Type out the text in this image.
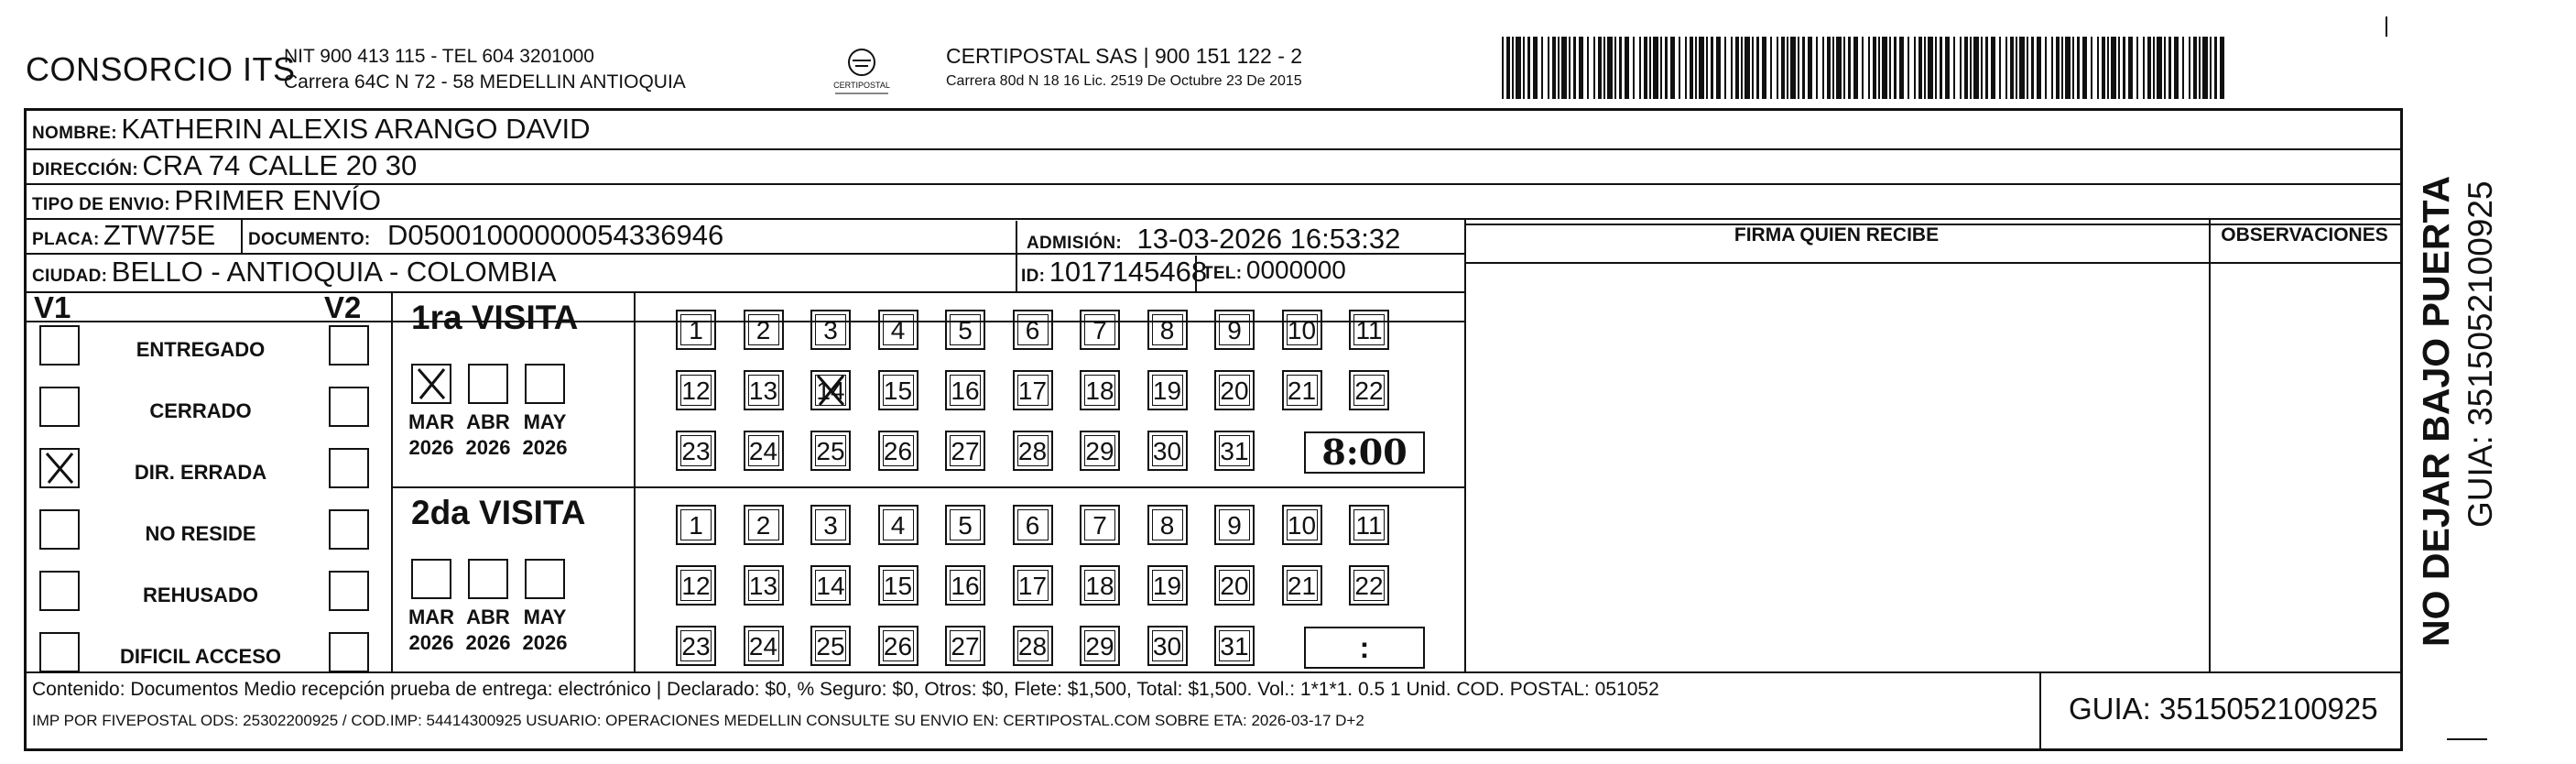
CONSORCIO ITS
NIT 900 413 115 - TEL 604 3201000
Carrera 64C N 72 - 58 MEDELLIN ANTIOQUIA	CERTIPOSTAL
CERTIPOSTAL SAS | 900 151 122 - 2
Carrera 80d N 18 16 Lic. 2519 De Octubre 23 De 2015
NOMBRE: KATHERIN ALEXIS ARANGO DAVID
DIRECCIÓN: CRA 74 CALLE 20 30
TIPO DE ENVIO: PRIMER ENVÍO
PLACA: ZTW75E DOCUMENTO: D05001000000054336946	ADMISIÓN: 13-03-2026 16:53:32
CIUDAD: BELLO - ANTIOQUIA - COLOMBIA	ID: 1017145468
TEL: 0000000
FIRMA QUIEN RECIBE	OBSERVACIONES
V1	V2
ENTREGADO
CERRADO
DIR. ERRADA
NO RESIDE
REHUSADO
DIFICIL ACCESO
1ra VISITA
MAR
2026
ABR
2026
MAY
2026
1	2	3	4	5	6	7	8	9	10 11
12 13 14 15 16 17 18 19 20 21 22
23 24 25 26 27 28 29 30 31	8:00
2da VISITA
MAR
2026
ABR
2026
MAY
2026
1	2	3	4	5	6	7	8	9	10 11
12 13 14 15 16 17 18 19 20 21 22
23 24 25 26 27 28 29 30 31	:
Contenido: Documentos Medio recepción prueba de entrega: electrónico | Declarado: $0, % Seguro: $0, Otros: $0, Flete: $1,500, Total: $1,500. Vol.: 1*1*1. 0.5 1 Unid. COD. POSTAL: 051052
IMP POR FIVEPOSTAL ODS: 25302200925 / COD.IMP: 54414300925 USUARIO: OPERACIONES MEDELLIN CONSULTE SU ENVIO EN: CERTIPOSTAL.COM SOBRE ETA: 2026-03-17 D+2	GUIA: 3515052100925
NO DEJAR BAJO PUERTA GUIA: 3515052100925
